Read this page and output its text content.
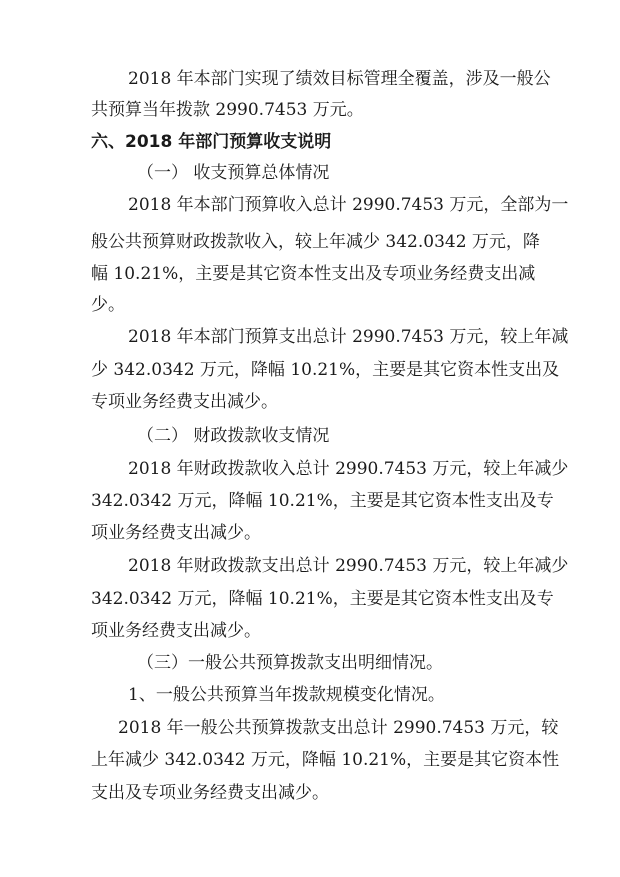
2018 年本部门实现了绩效目标管理全覆盖，涉及一般公
共预算当年拨款 2990.7453 万元。
六、2018 年部门预算收支说明
（一） 收支预算总体情况
2018 年本部门预算收入总计 2990.7453 万元，全部为一
般公共预算财政拨款收入，较上年减少 342.0342 万元，降
幅 10.21%，主要是其它资本性支出及专项业务经费支出减
少。
2018 年本部门预算支出总计 2990.7453 万元，较上年减
少 342.0342 万元，降幅 10.21%，主要是其它资本性支出及
专项业务经费支出减少。
（二） 财政拨款收支情况
2018 年财政拨款收入总计 2990.7453 万元，较上年减少
342.0342 万元，降幅 10.21%，主要是其它资本性支出及专
项业务经费支出减少。
2018 年财政拨款支出总计 2990.7453 万元，较上年减少
342.0342 万元，降幅 10.21%，主要是其它资本性支出及专
项业务经费支出减少。
（三）一般公共预算拨款支出明细情况。
1、一般公共预算当年拨款规模变化情况。
2018 年一般公共预算拨款支出总计 2990.7453 万元，较
上年减少 342.0342 万元，降幅 10.21%，主要是其它资本性
支出及专项业务经费支出减少。
